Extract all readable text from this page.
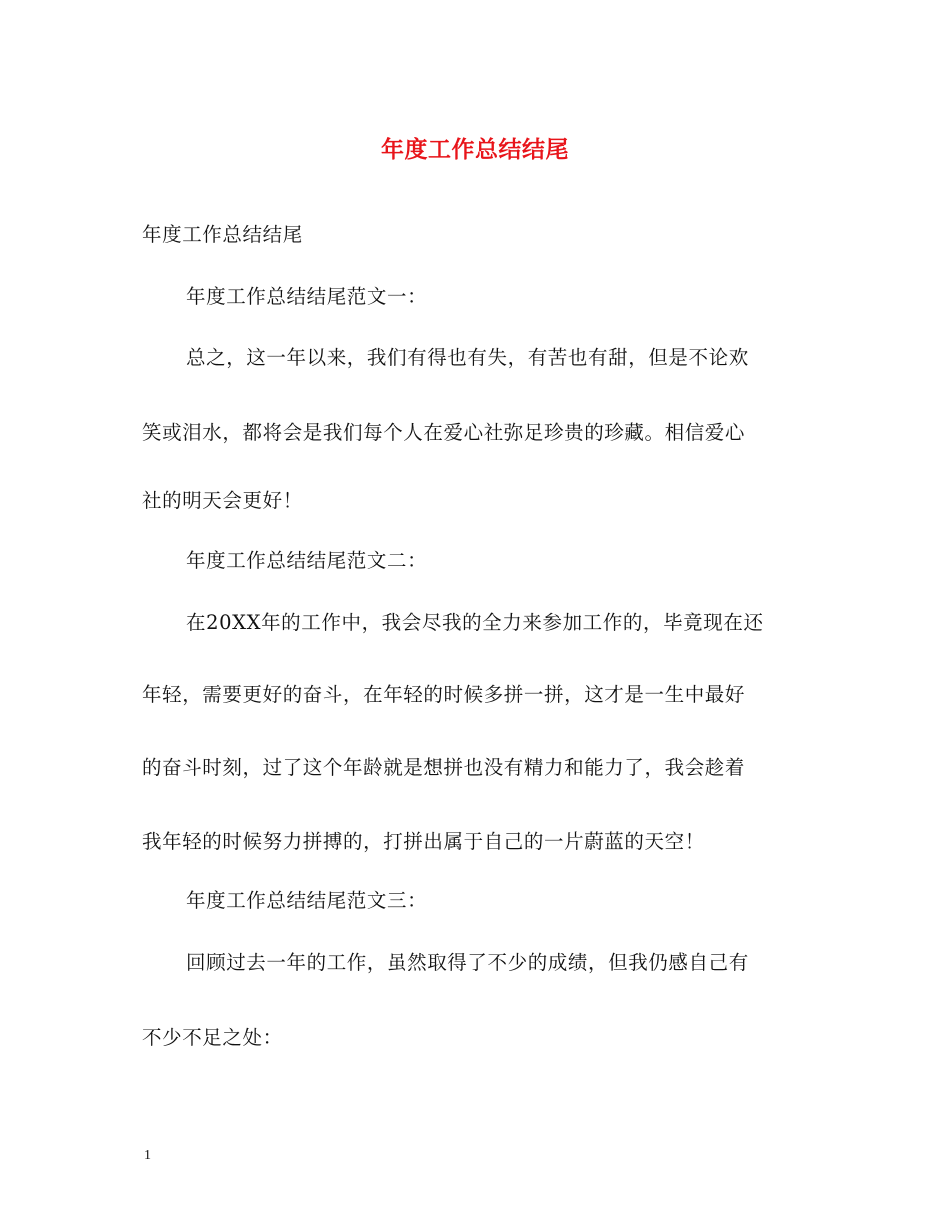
年度工作总结结尾
年度工作总结结尾
年度工作总结结尾范文一：
总之，这一年以来，我们有得也有失，有苦也有甜，但是不论欢
笑或泪水，都将会是我们每个人在爱心社弥足珍贵的珍藏。相信爱心
社的明天会更好！
年度工作总结结尾范文二：
在20XX年的工作中，我会尽我的全力来参加工作的，毕竟现在还
年轻，需要更好的奋斗，在年轻的时候多拼一拼，这才是一生中最好
的奋斗时刻，过了这个年龄就是想拼也没有精力和能力了，我会趁着
我年轻的时候努力拼搏的，打拼出属于自己的一片蔚蓝的天空！
年度工作总结结尾范文三：
回顾过去一年的工作，虽然取得了不少的成绩，但我仍感自己有
不少不足之处：
1
